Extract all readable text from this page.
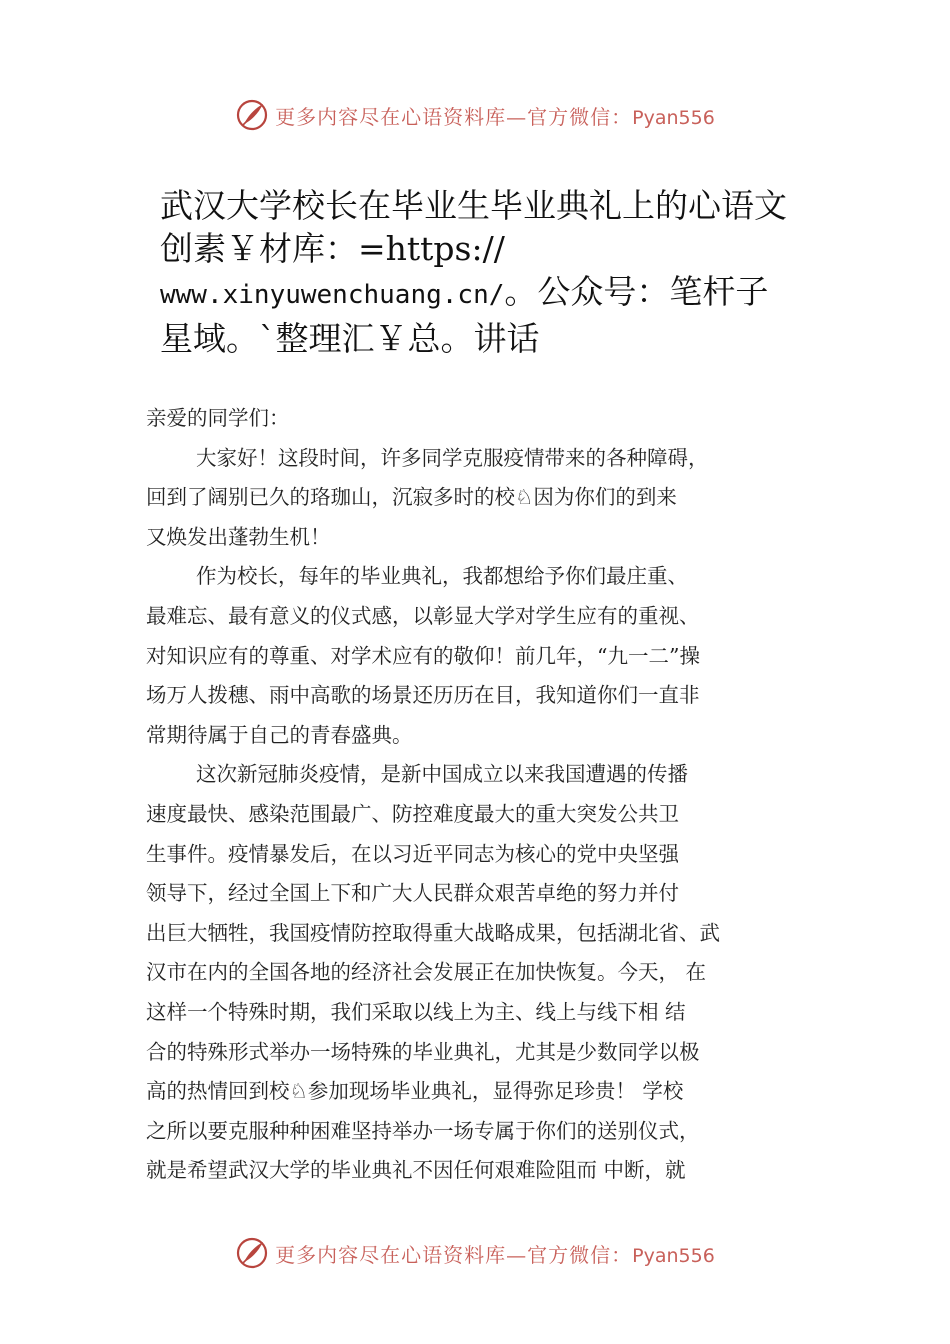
更多内容尽在心语资料库—官方微信：Pyan556
武汉大学校长在毕业生毕业典礼上的心语文
创素￥材库：=https://
www.xinyuwenchuang.cn/。公众号：笔杆子
星域。`整理汇￥总。讲话
亲爱的同学们：
大家好！这段时间，许多同学克服疫情带来的各种障碍，
回到了阔别已久的珞珈山，沉寂多时的校♘因为你们的到来
又焕发出蓬勃生机！
作为校长，每年的毕业典礼，我都想给予你们最庄重、
最难忘、最有意义的仪式感，以彰显大学对学生应有的重视、
对知识应有的尊重、对学术应有的敬仰！前几年，“九一二”操
场万人拨穗、雨中高歌的场景还历历在目，我知道你们一直非
常期待属于自己的青春盛典。
这次新冠肺炎疫情，是新中国成立以来我国遭遇的传播
速度最快、感染范围最广、防控难度最大的重大突发公共卫
生事件。疫情暴发后，在以习近平同志为核心的党中央坚强
领导下，经过全国上下和广大人民群众艰苦卓绝的努力并付
出巨大牺牲，我国疫情防控取得重大战略成果，包括湖北省、武
汉市在内的全国各地的经济社会发展正在加快恢复。今天， 在
这样一个特殊时期，我们采取以线上为主、线上与线下相 结
合的特殊形式举办一场特殊的毕业典礼，尤其是少数同学以极
高的热情回到校♘参加现场毕业典礼，显得弥足珍贵！ 学校
之所以要克服种种困难坚持举办一场专属于你们的送别仪式，
就是希望武汉大学的毕业典礼不因任何艰难险阻而 中断，就
更多内容尽在心语资料库—官方微信：Pyan556
